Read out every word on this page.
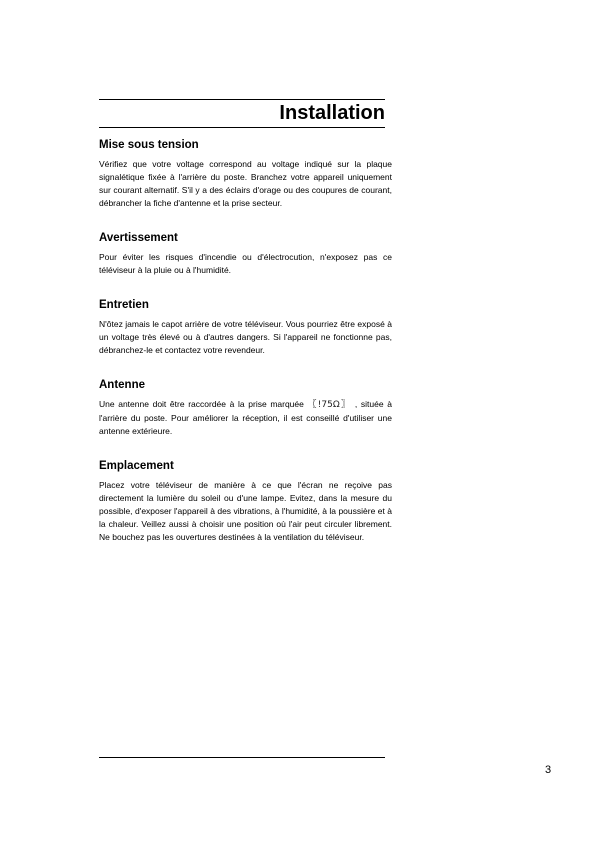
Installation
Mise sous tension

Vérifiez que votre voltage correspond au voltage indiqué sur la plaque signalétique fixée à l'arrière du poste. Branchez votre appareil uniquement sur courant alternatif. S'il y a des éclairs d'orage ou des coupures de courant, débrancher la fiche d'antenne et la prise secteur.

Avertissement

Pour éviter les risques d'incendie ou d'électrocution, n'exposez pas ce téléviseur à la pluie ou à l'humidité.

Entretien

N'ôtez jamais le capot arrière de votre téléviseur. Vous pourriez être exposé à un voltage très élevé ou à d'autres dangers. Si l'appareil ne fonctionne pas, débranchez-le et contactez votre revendeur.

Antenne

Une antenne doit être raccordée à la prise marquée 〖!75Ω〗 , située à l'arrière du poste. Pour améliorer la réception, il est conseillé d'utiliser une antenne extérieure.

Emplacement

Placez votre téléviseur de manière à ce que l'écran ne reçoive pas directement la lumière du soleil ou d'une lampe. Evitez, dans la mesure du possible, d'exposer l'appareil à des vibrations, à l'humidité, à la poussière et à la chaleur. Veillez aussi à choisir une position où l'air peut circuler librement. Ne bouchez pas les ouvertures destinées à la ventilation du téléviseur.

3
